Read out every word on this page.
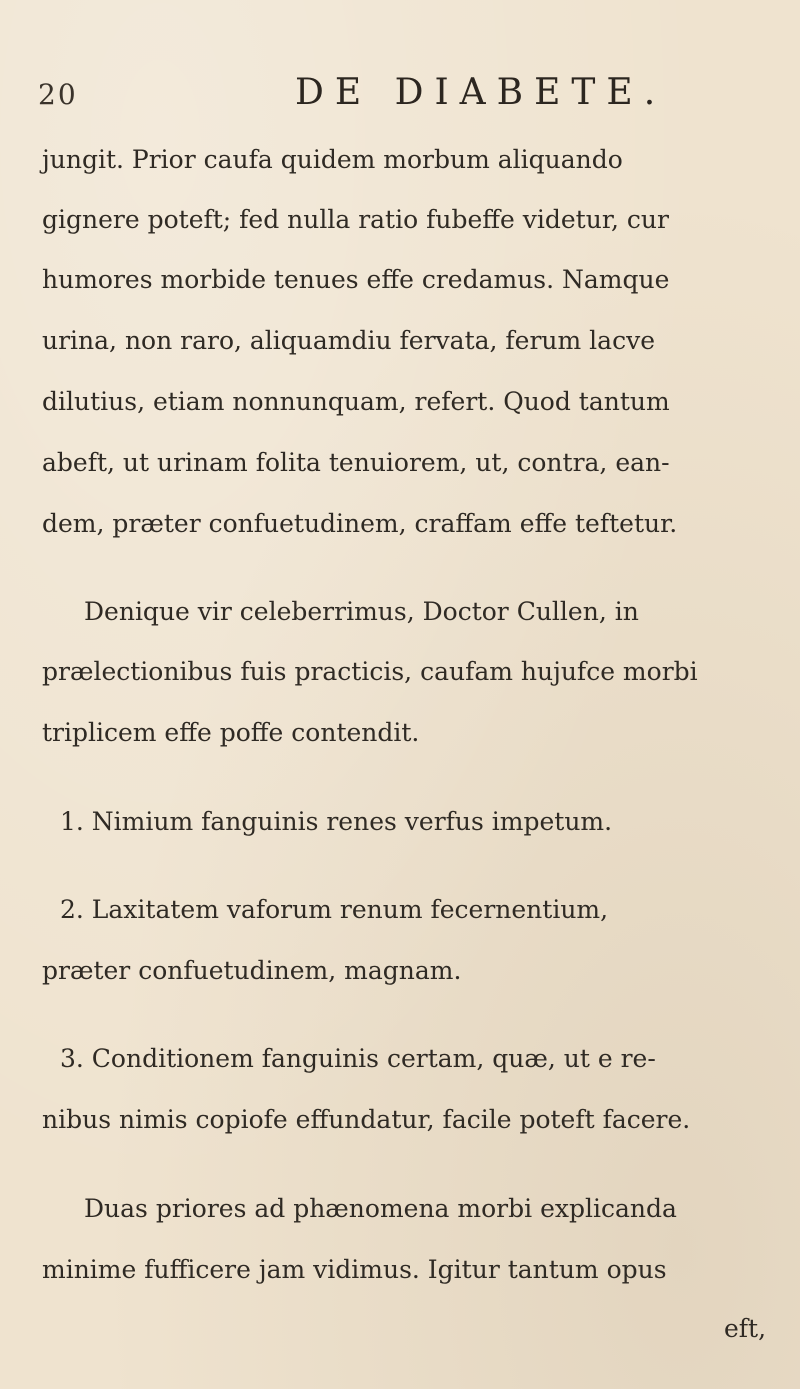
20	DE DIABETE.
jungit. Prior caufa quidem morbum aliquando
gignere poteft; fed nulla ratio fubeffe videtur, cur
humores morbide tenues effe credamus. Namque
urina, non raro, aliquamdiu fervata, ferum lacve
dilutius, etiam nonnunquam, refert. Quod tantum
abeft, ut urinam folita tenuiorem, ut, contra, ean-
dem, præter confuetudinem, craffam effe teftetur.
Denique vir celeberrimus, Doctor Cullen, in
prælectionibus fuis practicis, caufam hujufce morbi
triplicem effe poffe contendit.
1. Nimium fanguinis renes verfus impetum.
2. Laxitatem vaforum renum fecernentium,
præter confuetudinem, magnam.
3. Conditionem fanguinis certam, quæ, ut e re-
nibus nimis copiofe effundatur, facile poteft facere.
Duas priores ad phænomena morbi explicanda
minime fufficere jam vidimus. Igitur tantum opus
eft,
